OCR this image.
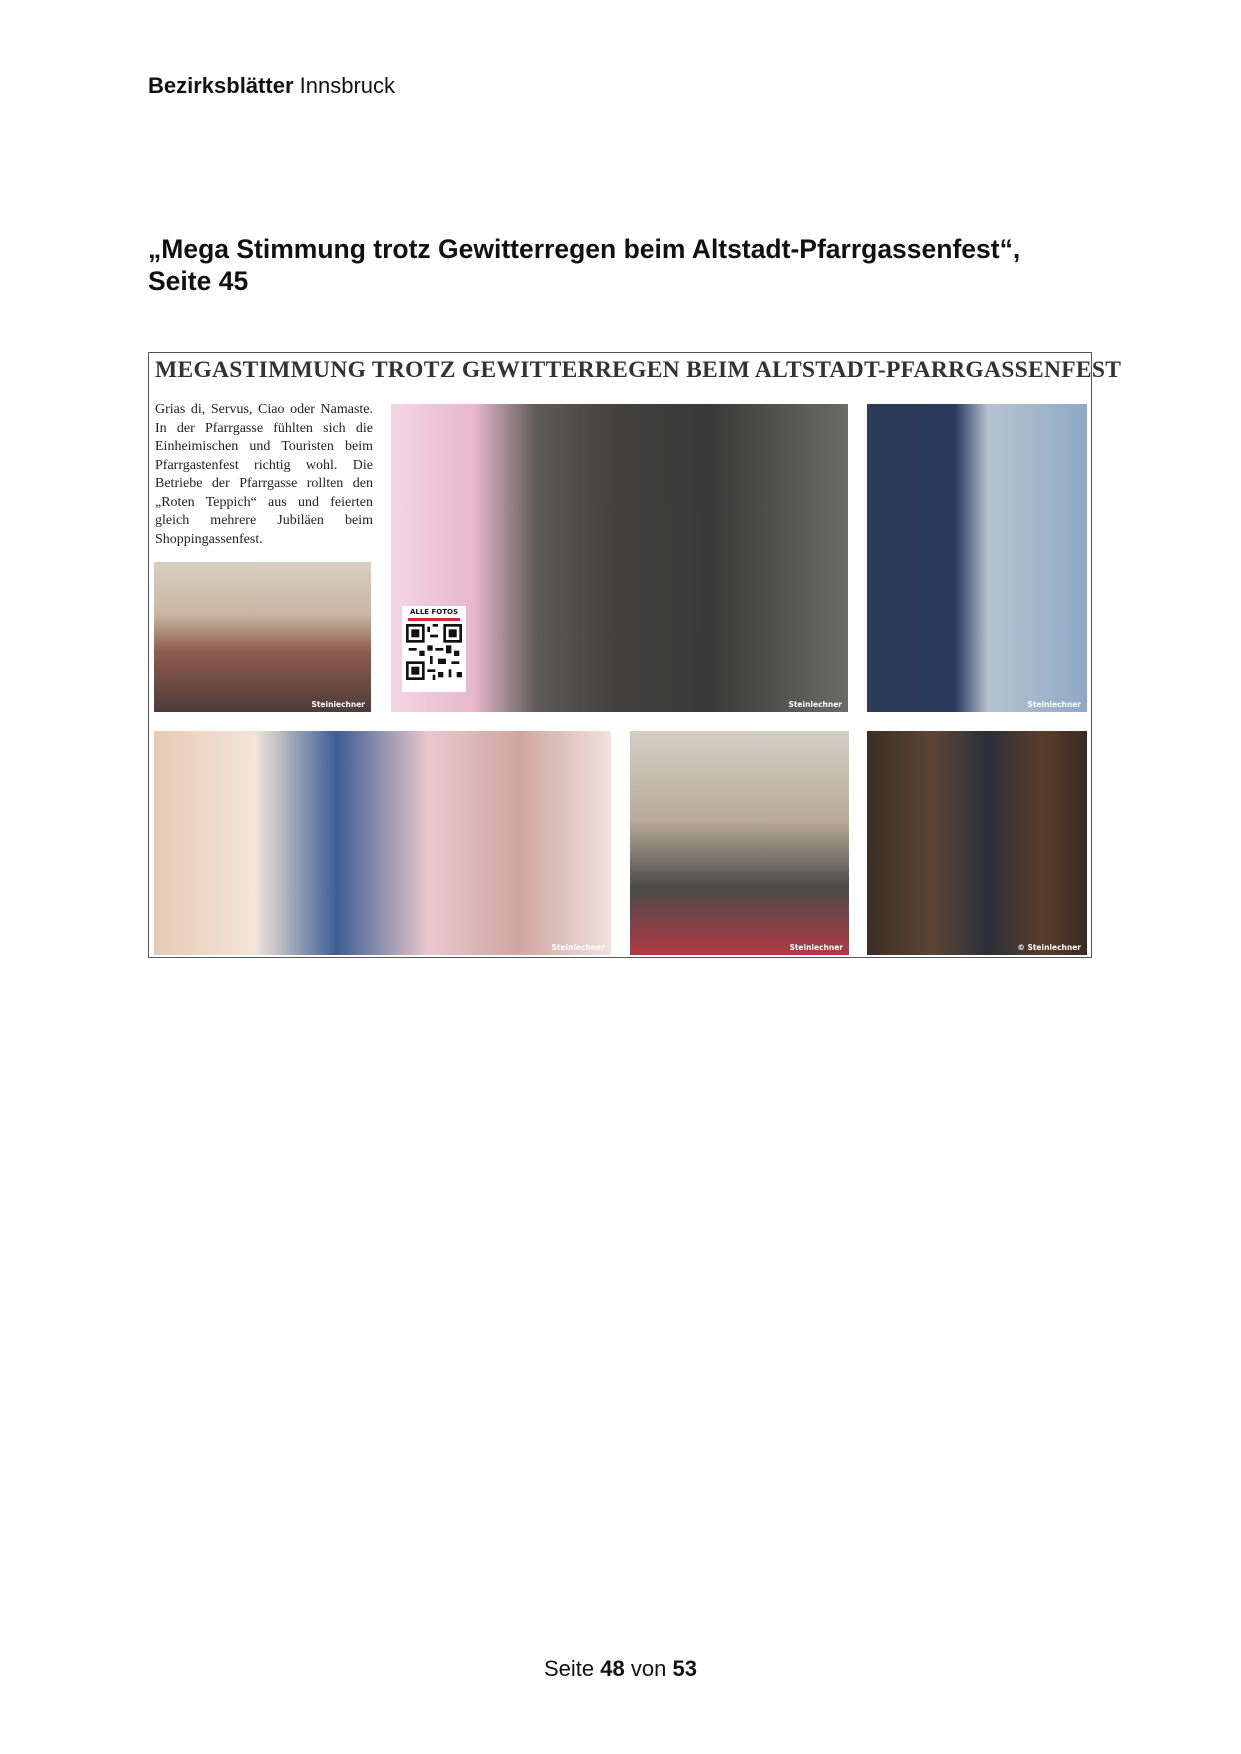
Bezirksblätter Innsbruck
„Mega Stimmung trotz Gewitterregen beim Altstadt-Pfarrgassenfest“,
Seite 45
MEGASTIMMUNG TROTZ GEWITTERREGEN BEIM ALTSTADT-PFARRGASSENFEST
Grias di, Servus, Ciao oder Namaste. In der Pfarrgasse fühlten sich die Einheimischen und Touristen beim Pfarrgastenfest richtig wohl. Die Betriebe der Pfarrgasse rollten den „Roten Teppich“ aus und feierten gleich mehrere Jubiläen beim Shoppingassenfest.
Steinlechner
ALLE FOTOS
Steinlechner	Steinlechner
Steinlechner	Steinlechner	© Steinlechner
Seite 48 von 53
